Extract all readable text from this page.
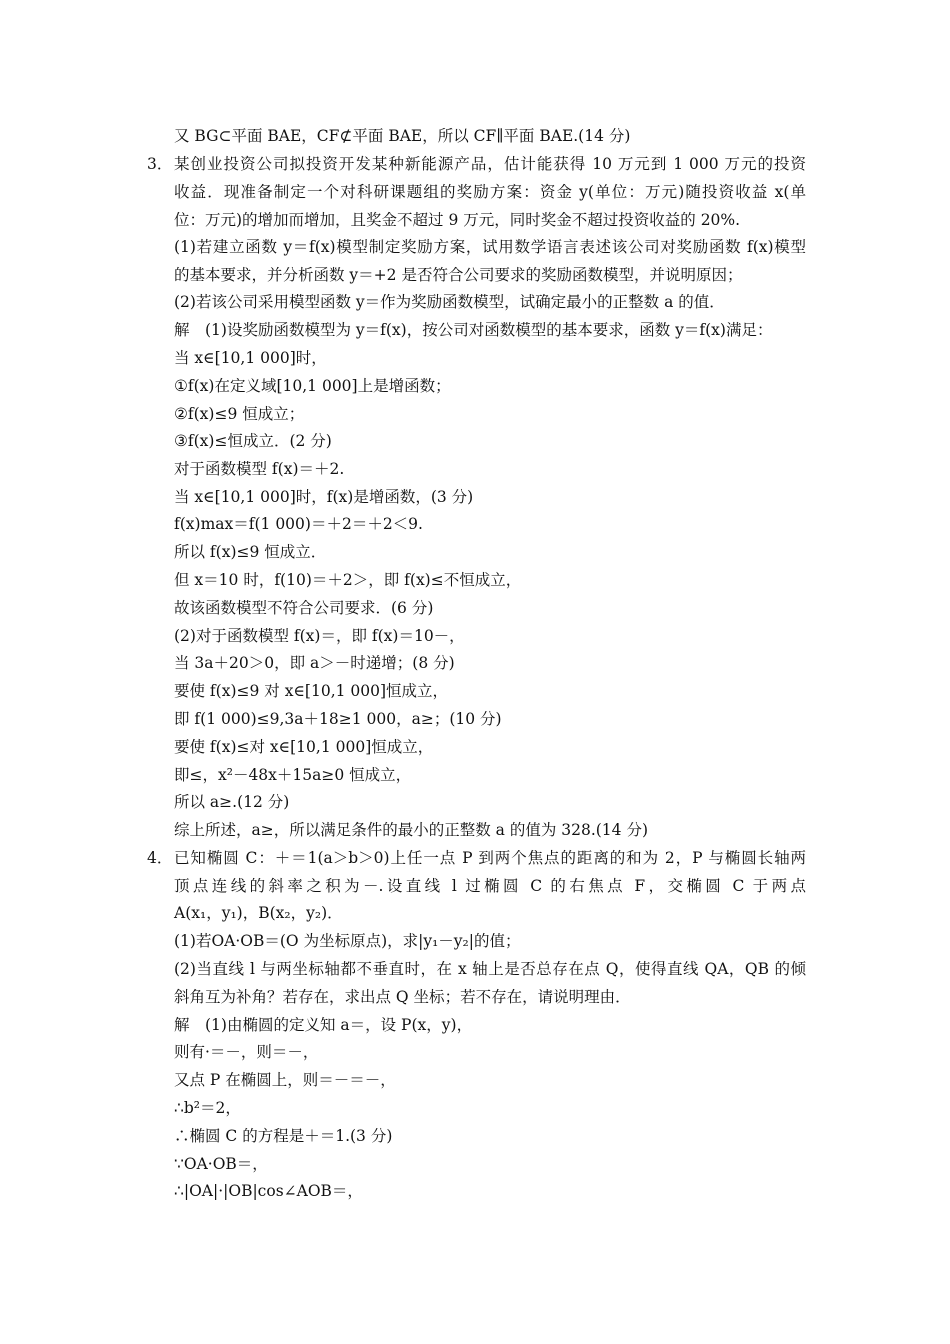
3．
4．
又 BG⊂平面 BAE，CF⊄平面 BAE，所以 CF∥平面 BAE.(14 分)
某创业投资公司拟投资开发某种新能源产品，估计能获得 10 万元到 1 000 万元的投资
收益．现准备制定一个对科研课题组的奖励方案：资金 y(单位：万元)随投资收益 x(单
位：万元)的增加而增加，且奖金不超过 9 万元，同时奖金不超过投资收益的 20%.
(1)若建立函数 y＝f(x)模型制定奖励方案，试用数学语言表述该公司对奖励函数 f(x)模型
的基本要求，并分析函数 y＝+2 是否符合公司要求的奖励函数模型，并说明原因；
(2)若该公司采用模型函数 y＝作为奖励函数模型，试确定最小的正整数 a 的值．
解　(1)设奖励函数模型为 y＝f(x)，按公司对函数模型的基本要求，函数 y＝f(x)满足：
当 x∈[10,1 000]时，
①f(x)在定义域[10,1 000]上是增函数；
②f(x)≤9 恒成立；
③f(x)≤恒成立．(2 分)
对于函数模型 f(x)＝＋2.
当 x∈[10,1 000]时，f(x)是增函数，(3 分)
f(x)max＝f(1 000)＝＋2＝＋2＜9.
所以 f(x)≤9 恒成立．
但 x＝10 时，f(10)＝＋2＞，即 f(x)≤不恒成立，
故该函数模型不符合公司要求．(6 分)
(2)对于函数模型 f(x)＝，即 f(x)＝10－，
当 3a＋20＞0，即 a＞－时递增；(8 分)
要使 f(x)≤9 对 x∈[10,1 000]恒成立，
即 f(1 000)≤9,3a＋18≥1 000，a≥；(10 分)
要使 f(x)≤对 x∈[10,1 000]恒成立，
即≤，x²－48x＋15a≥0 恒成立，
所以 a≥.(12 分)
综上所述，a≥，所以满足条件的最小的正整数 a 的值为 328.(14 分)
已知椭圆 C：＋＝1(a＞b＞0)上任一点 P 到两个焦点的距离的和为 2，P 与椭圆长轴两
顶点连线的斜率之积为－.设直线 l 过椭圆 C 的右焦点 F，交椭圆 C 于两点
A(x₁，y₁)，B(x₂，y₂)．
(1)若OA·OB＝(O 为坐标原点)，求|y₁－y₂|的值；
(2)当直线 l 与两坐标轴都不垂直时，在 x 轴上是否总存在点 Q，使得直线 QA，QB 的倾
斜角互为补角？若存在，求出点 Q 坐标；若不存在，请说明理由．
解　(1)由椭圆的定义知 a＝，设 P(x，y)，
则有·＝－，则＝－，
又点 P 在椭圆上，则＝－＝－，
∴b²＝2，
∴椭圆 C 的方程是＋＝1.(3 分)
∵OA·OB＝，
∴|OA|·|OB|cos∠AOB＝，
